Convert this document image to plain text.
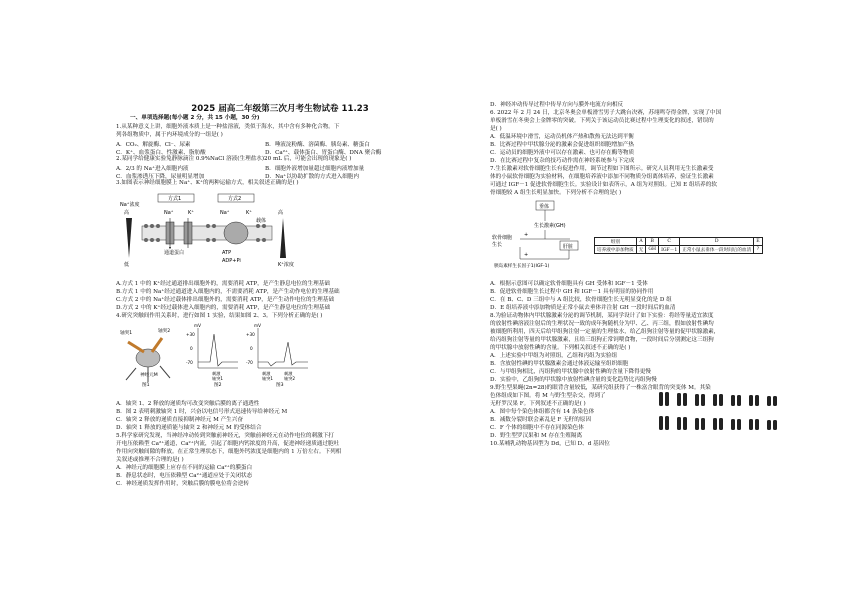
2025 届高二年级第三次月考生物试卷 11.23
一、单项选择题(每小题 2 分，共 15 小题，30 分)
1.从某种意义上讲，细胞外液本质上是一种盐溶液，类似于海水，其中含有多种化合物。下
列各组物质中，属于内环境成分的一组是( )
A．CO₂、解旋酶、Cl⁻、尿素	B．唾液淀粉酶、溶菌酶、胰岛素、糖蛋白
C．K⁺、血浆蛋白、性激素、脂肪酸	D．Ca²⁺、载体蛋白、胃蛋白酶、DNA 聚合酶
2.某同学给健康实验兔静脉滴注 0.9%NaCl 溶液(生理盐水)20 mL 后，可能会出现的现象是( )
A．2/3 的 Na⁺进入细胞内液	B．细胞外液增加量超过细胞内液增加量
C．血浆渗透压下降，尿量明显增加	D．Na⁺以协助扩散的方式进入细胞内
3.如图表示神经细胞膜上 Na⁺、K⁺的两种运输方式，相关叙述正确的是( )
Na⁺浓度
高
低
方式1	方式2
Na⁺	K⁺	Na⁺	K⁺
载体
通道蛋白	ATP
ADP+Pi
高
K⁺浓度
A.方式 1 中的 K⁺经过通道排出细胞外的，需要消耗 ATP，是产生静息电位的生理基础
B.方式 1 中的 Na⁺经过通道进入细胞内的，不需要消耗 ATP，是产生动作电位的生理基础
C.方式 2 中的 Na⁺经过载体排出细胞外的，需要消耗 ATP，是产生动作电位的生理基础
D.方式 2 中的 K⁺经过载体进入细胞内的，需要消耗 ATP，是产生静息电位的生理基础
4.研究突触间作用关系时，进行如图 1 实验，结果如图 2、3。下列分析正确的是( )
轴突1	轴突2
神经元M
图1
mV
+30
0
-70
刺激
轴突1
图2
mV
+30
0
-70
刺激
轴突1
刺激
轴突2
图3
A．轴突 1、2 释放的递质均可改变突触后膜的离子通透性
B．图 2 表明刺激轴突 1 时，兴奋以电信号形式迅速传导给神经元 M
C．轴突 2 释放的递质直接抑制神经元 M 产生兴奋
D．轴突 1 释放的递质能与轴突 2 和神经元 M 的受体结合
5.科学家研究发现，当神经冲动传到突触前神经元，突触前神经元在动作电位的刺激下打
开电压依赖型 Ca²⁺通道，Ca²⁺内流，引起了细胞内钙浓度的升高，促进神经递质通过胞吐
作用向突触间隙的释放。在正常生理状态下，细胞外钙浓度是细胞内的 1 万倍左右。下列相
关叙述或推理不合理的是( )
A．神经元的细胞膜上应存在不同的运输 Ca²⁺的膜蛋白
B．静息状态时，电压依赖型 Ca²⁺通道应处于关闭状态
C．神经递质发挥作用时，突触后膜的膜电位将会逆转
D．神经冲动传导过程中传导方向与膜外电流方向相反
6. 2022 年 2 月 24 日，北京冬奥会单板滑雪男子大跳台决赛，苏翊鸣夺得金牌，实现了中国
单板滑雪在冬奥会上金牌零的突破。下列关于该运动员比赛过程中生理变化的叙述，错误的
是( )
A．低温环境中滑雪，运动员机体产热和散热无法达到平衡
B．比赛过程中甲状腺分泌的激素会促进组织细胞增加产热
C．运动员的细胞外液中可以存在激素、也可存在酶等物质
D．在比赛过程中复杂的技巧动作需在神经系统参与下完成
7.生长激素对软骨细胞生长有促进作用，调节过程如下图所示。研究人员利用无生长激素受
体的小鼠软骨细胞为实验材料，在细胞培养液中添加不同物质分组离体培养，验证生长激素
可通过 IGF－1 促进软骨细胞生长。实验设计如表所示，A 组为对照组。已知 E 组培养的软
骨细胞较 A 组生长明显加快。下列分析不合理的是( )
垂体
生长激素(GH)
软骨细胞
生长	肝脏
+
+
胰岛素样生长因子1(IGF-1)
组别	A	B	C	D	E
培养液中添加物质	无	GH	IGF－1	正常小鼠去垂体一段时间后的血清	?
A．根据示意图可以确定软骨细胞具有 GH 受体和 IGF－1 受体
B．促进软骨细胞生长过程中 GH 和 IGF－1 具有明显的协同作用
C．在 B、C、D 三组中与 A 组比较，软骨细胞生长无明显变化的是 D 组
D．E 组培养液中添加物质是正常小鼠去垂体并注射 GH 一段时间后的血清
8.为验证动物体内甲状腺激素分泌的调节机制，某同学设计了如下实验：将经等量适宜浓度
的放射性碘溶液注射后的生理状况一致的成年狗随机分为甲、乙、丙三组，假如放射性碘均
被细胞所利用，四天后给甲组狗注射一定量的生理盐水，给乙组狗注射等量的促甲状腺激素，
给丙组狗注射等量的甲状腺激素，且给三组狗正常饲喂食物，一段时间后分别测定这三组狗
的甲状腺中放射性碘的含量。下列相关叙述不正确的是( )
A．上述实验中甲组为对照组，乙组和丙组为实验组
B．含放射性碘的甲状腺激素会通过体液运输至组织细胞
C．与甲组狗相比，丙组狗的甲状腺中放射性碘的含量下降得更慢
D．实验中，乙组狗的甲状腺中放射性碘含量的变化趋势比丙组狗慢
9.野生型果蝇(2n=28)的眼背含量较低，某研究组获得了一株富含眼背的突变体 M。其染
色体组成如下图。将 M 与野生型杂交，得到了
无籽罗汉果 F。下列叙述不正确的是( )
A．图中每个染色体组都含有 14 条染色体
B．减数分裂时联会紊乱是 F 无籽的原因
C．F 个体的细胞中不存在同源染色体
D．野生型罗汉果和 M 存在生殖隔离
10.某哺乳动物基因型为 Dd，已知 D、d 基因位
